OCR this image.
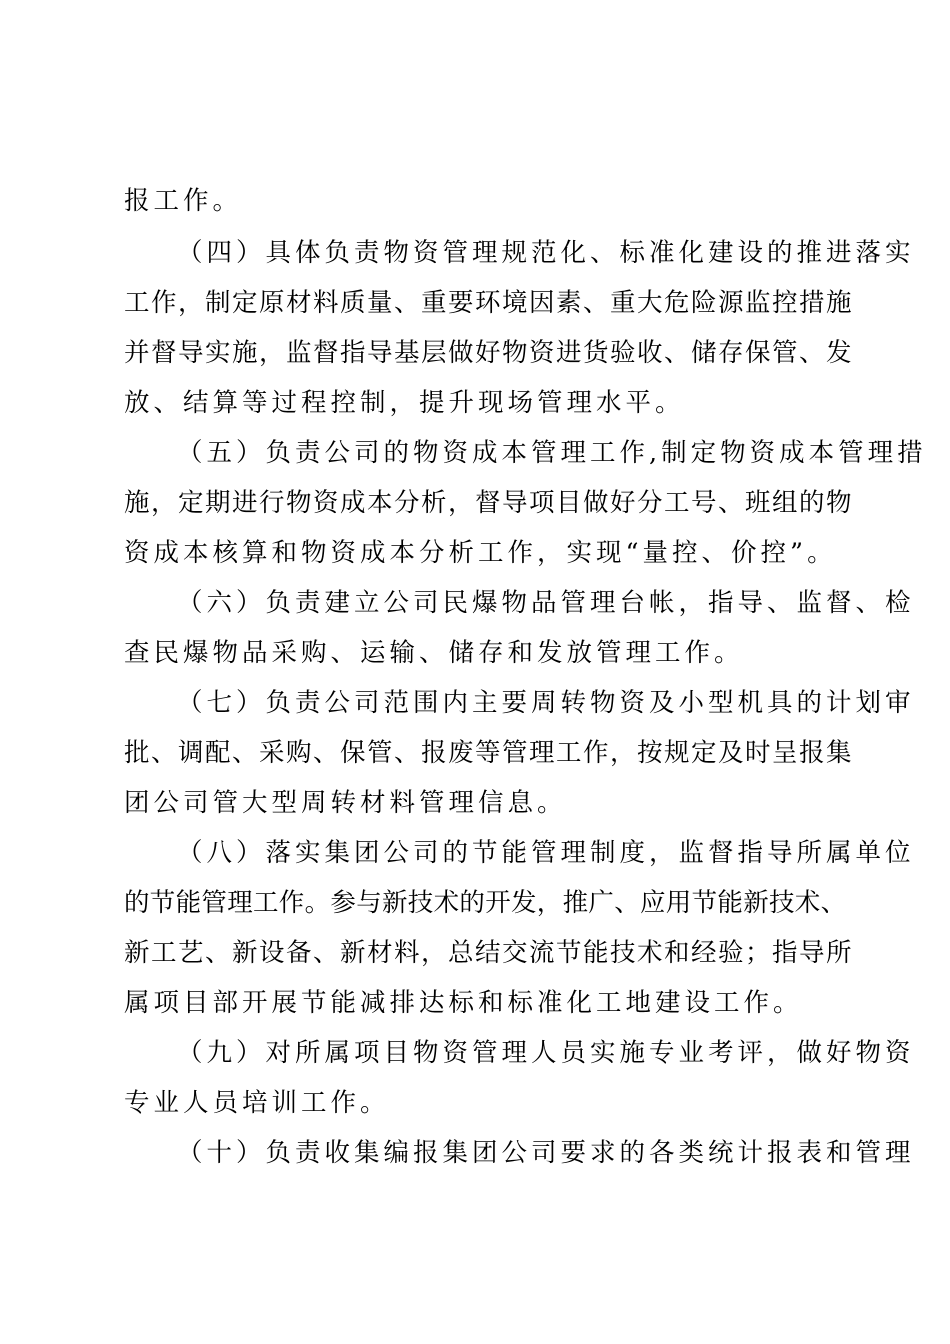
报工作。
（四）具体负责物资管理规范化、标准化建设的推进落实
工作，制定原材料质量、重要环境因素、重大危险源监控措施
并督导实施，监督指导基层做好物资进货验收、储存保管、发
放、结算等过程控制，提升现场管理水平。
（五）负责公司的物资成本管理工作,制定物资成本管理措
施，定期进行物资成本分析，督导项目做好分工号、班组的物
资成本核算和物资成本分析工作，实现“量控、价控”。
（六）负责建立公司民爆物品管理台帐，指导、监督、检
查民爆物品采购、运输、储存和发放管理工作。
（七）负责公司范围内主要周转物资及小型机具的计划审
批、调配、采购、保管、报废等管理工作，按规定及时呈报集
团公司管大型周转材料管理信息。
（八）落实集团公司的节能管理制度，监督指导所属单位
的节能管理工作。参与新技术的开发，推广、应用节能新技术、
新工艺、新设备、新材料，总结交流节能技术和经验；指导所
属项目部开展节能减排达标和标准化工地建设工作。
（九）对所属项目物资管理人员实施专业考评，做好物资
专业人员培训工作。
（十）负责收集编报集团公司要求的各类统计报表和管理
